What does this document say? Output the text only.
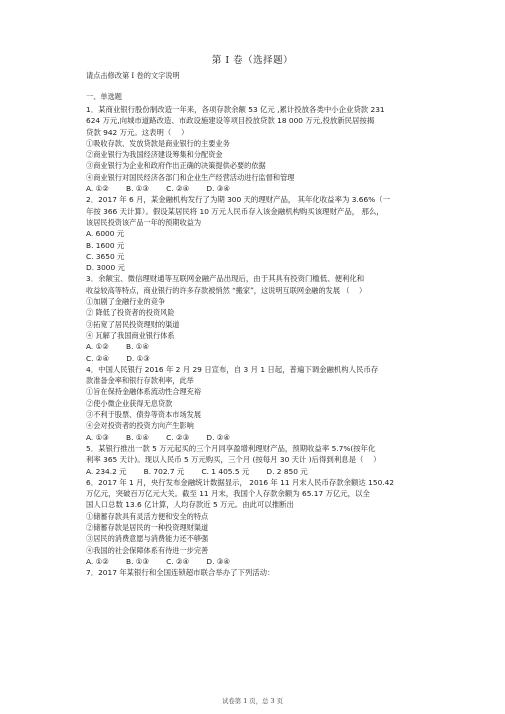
第 Ⅰ 卷（选择题）
请点击修改第 Ⅰ 卷的文字说明
一、单选题
1．某商业银行股份制改造一年来，各项存款余额 53 亿元 ,累计投放各类中小企业贷款 231
624 万元,向城市道路改造、市政设施建设等项目投放贷款 18 000 万元,投放新民居按揭
贷款 942 万元。这表明（　 ）
①吸收存款、发放贷款是商业银行的主要业务
②商业银行为我国经济建设筹集和分配资金
③商业银行为企业和政府作出正确的决策提供必要的依据
④商业银行对国民经济各部门和企业生产经营活动进行监督和管理
A. ①②　　 B. ①③　　 C. ②④　　 D. ③④
2．2017 年 6 月，某金融机构发行了为期 300 天的理财产品， 其年化收益率为 3.66%（一
年按 366 天计算）。假设某居民将 10 万元人民币存入该金融机构购买该理财产品， 那么，
该居民投资该产品一年的预期收益为
A. 6000 元
B. 1600 元
C. 3650 元
D. 3000 元
3．余额宝、微信理财通等互联网金融产品出现后，由于其具有投资门槛低、便利化和
收益较高等特点，商业银行的许多存款被悄然 “搬家”，这说明互联网金融的发展 （　 ）
①加剧了金融行业的竞争
② 降低了投资者的投资风险
③拓宽了居民投资理财的渠道
④ 瓦解了我国商业银行体系
A. ①②　　 B. ①④
C. ②④　　 D. ①③
4．中国人民银行 2016 年 2 月 29 日宣布，自 3 月 1 日起，普遍下调金融机构人民币存
款准备金率和银行存款利率，此举
①旨在保持金融体系流动性合理充裕
②使小微企业获得无息贷款
③不利于股票、债券等资本市场发展
④会对投资者的投资方向产生影响
A. ①③　　 B. ①④　　 C. ②③　　 D. ②④
5．某银行推出一款 5 万元起买的三个月同享盈增利理财产品，预期收益率 5.7%(按年化
利率 365 天计)。现以人民币 5 万元购买，三个月 (按每月 30 天计 )后得到利息是（　 ）
A. 234.2 元　　 B. 702.7 元　　 C. 1 405.5 元　　 D. 2 850 元
6．2017 年 1 月，央行发布金融统计数据显示， 2016 年 11 月末人民币存款余额达 150.42
万亿元，突破百万亿元大关。截至 11 月末，我国个人存款余额为 65.17 万亿元，以全
国人口总数 13.6 亿计算，人均存款近 5 万元。由此可以推断出
①储蓄存款具有灵活方便和安全的特点
②储蓄存款是居民的一种投资理财渠道
③居民的消费意愿与消费能力还不够强
④我国的社会保障体系有待进一步完善
A. ①②　　 B. ①③　　 C. ②④　　 D. ③④
7．2017 年某银行和全国连锁超市联合举办了下列活动：
试卷第 1 页，总 3 页
